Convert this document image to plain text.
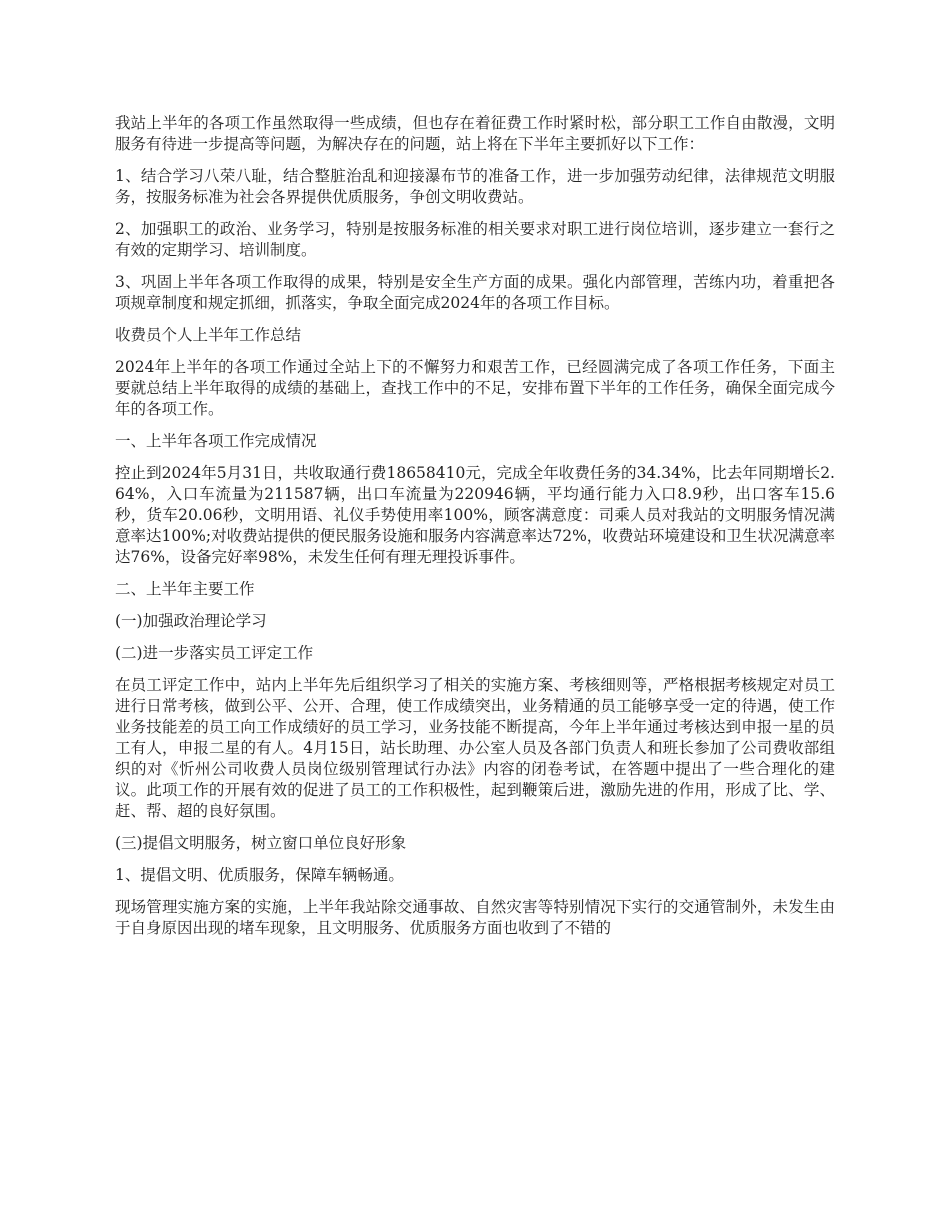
我站上半年的各项工作虽然取得一些成绩，但也存在着征费工作时紧时松，部分职工工作自由散漫，文明服务有待进一步提高等问题，为解决存在的问题，站上将在下半年主要抓好以下工作：

1、结合学习八荣八耻，结合整脏治乱和迎接瀑布节的准备工作，进一步加强劳动纪律，法律规范文明服务，按服务标准为社会各界提供优质服务，争创文明收费站。

2、加强职工的政治、业务学习，特别是按服务标准的相关要求对职工进行岗位培训，逐步建立一套行之有效的定期学习、培训制度。

3、巩固上半年各项工作取得的成果，特别是安全生产方面的成果。强化内部管理，苦练内功，着重把各项规章制度和规定抓细，抓落实，争取全面完成2024年的各项工作目标。

收费员个人上半年工作总结

2024年上半年的各项工作通过全站上下的不懈努力和艰苦工作，已经圆满完成了各项工作任务，下面主要就总结上半年取得的成绩的基础上，查找工作中的不足，安排布置下半年的工作任务，确保全面完成今年的各项工作。

一、上半年各项工作完成情况

控止到2024年5月31日，共收取通行费18658410元，完成全年收费任务的34.34%，比去年同期增长2.64%，入口车流量为211587辆，出口车流量为220946辆，平均通行能力入口8.9秒，出口客车15.6秒，货车20.06秒，文明用语、礼仪手势使用率100%，顾客满意度：司乘人员对我站的文明服务情况满意率达100%;对收费站提供的便民服务设施和服务内容满意率达72%，收费站环境建设和卫生状况满意率达76%，设备完好率98%，未发生任何有理无理投诉事件。

二、上半年主要工作

(一)加强政治理论学习

(二)进一步落实员工评定工作

在员工评定工作中，站内上半年先后组织学习了相关的实施方案、考核细则等，严格根据考核规定对员工进行日常考核，做到公平、公开、合理，使工作成绩突出，业务精通的员工能够享受一定的待遇，使工作业务技能差的员工向工作成绩好的员工学习，业务技能不断提高，今年上半年通过考核达到申报一星的员工有人，申报二星的有人。4月15日，站长助理、办公室人员及各部门负责人和班长参加了公司费收部组织的对《忻州公司收费人员岗位级别管理试行办法》内容的闭卷考试，在答题中提出了一些合理化的建议。此项工作的开展有效的促进了员工的工作积极性，起到鞭策后进，激励先进的作用，形成了比、学、赶、帮、超的良好氛围。

(三)提倡文明服务，树立窗口单位良好形象

1、提倡文明、优质服务，保障车辆畅通。

现场管理实施方案的实施，上半年我站除交通事故、自然灾害等特别情况下实行的交通管制外，未发生由于自身原因出现的堵车现象，且文明服务、优质服务方面也收到了不错的
